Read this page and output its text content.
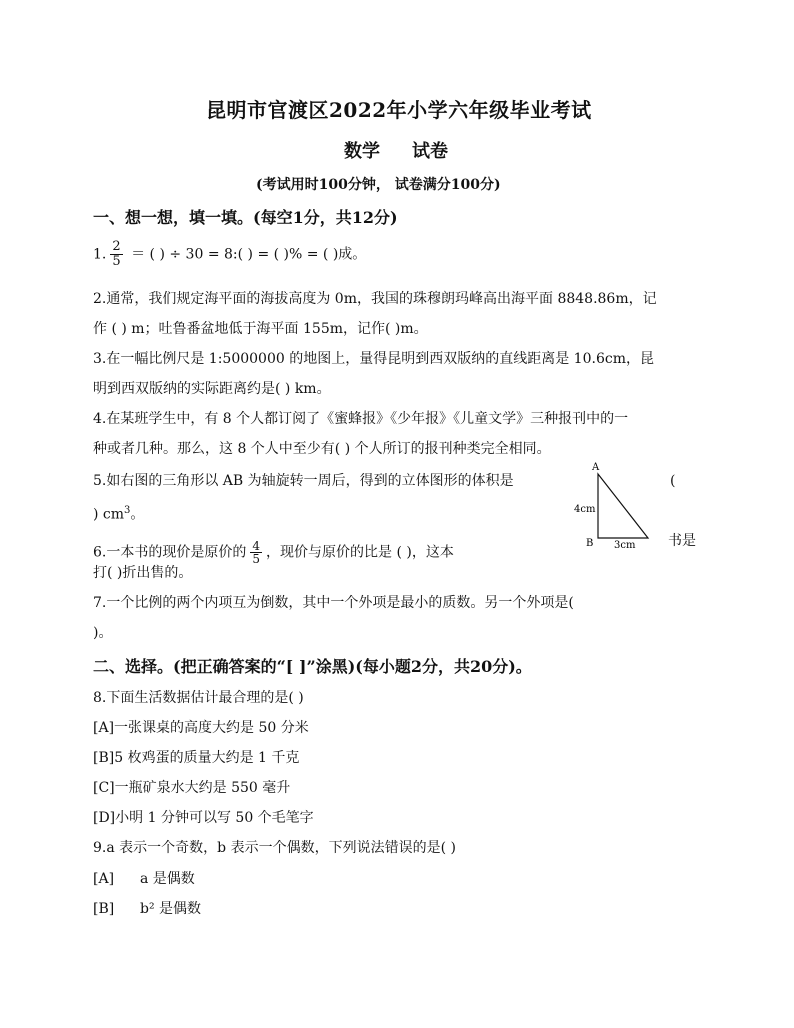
昆明市官渡区2022年小学六年级毕业考试
数学 试卷
(考试用时100分钟， 试卷满分100分)
一、想一想，填一填。(每空1分，共12分)
1. $\frac{2}{5}$ ＝ ( ) ÷ 30 = 8:( ) = ( )% = ( )成。
2.通常，我们规定海平面的海拔高度为 0m，我国的珠穆朗玛峰高出海平面 8848.86m，记
作 ( ) m；吐鲁番盆地低于海平面 155m，记作( )m。
3.在一幅比例尺是 1:5000000 的地图上，量得昆明到西双版纳的直线距离是 10.6cm，昆
明到西双版纳的实际距离约是( ) km。
4.在某班学生中，有 8 个人都订阅了《蜜蜂报》《少年报》《儿童文学》三种报刊中的一
种或者几种。那么，这 8 个人中至少有( ) 个人所订的报刊种类完全相同。
5.如右图的三角形以 AB 为轴旋转一周后，得到的立体图形的体积是	(
) $cm^3$。
A
B
4cm
3cm
6.一本书的现价是原价的 $\frac{4}{5}$ ，现价与原价的比是 ( )，这本
书是
打( )折出售的。
7.一个比例的两个内项互为倒数，其中一个外项是最小的质数。另一个外项是(
)。
二、选择。(把正确答案的“[ ]”涂黑)(每小题2分，共20分)。
8.下面生活数据估计最合理的是( )
[A]一张课桌的高度大约是 50 分米
[B]5 枚鸡蛋的质量大约是 1 千克
[C]一瓶矿泉水大约是 550 毫升
[D]小明 1 分钟可以写 50 个毛笔字
9.a 表示一个奇数，b 表示一个偶数，下列说法错误的是( )
[A] a 是偶数
[B] b² 是偶数
